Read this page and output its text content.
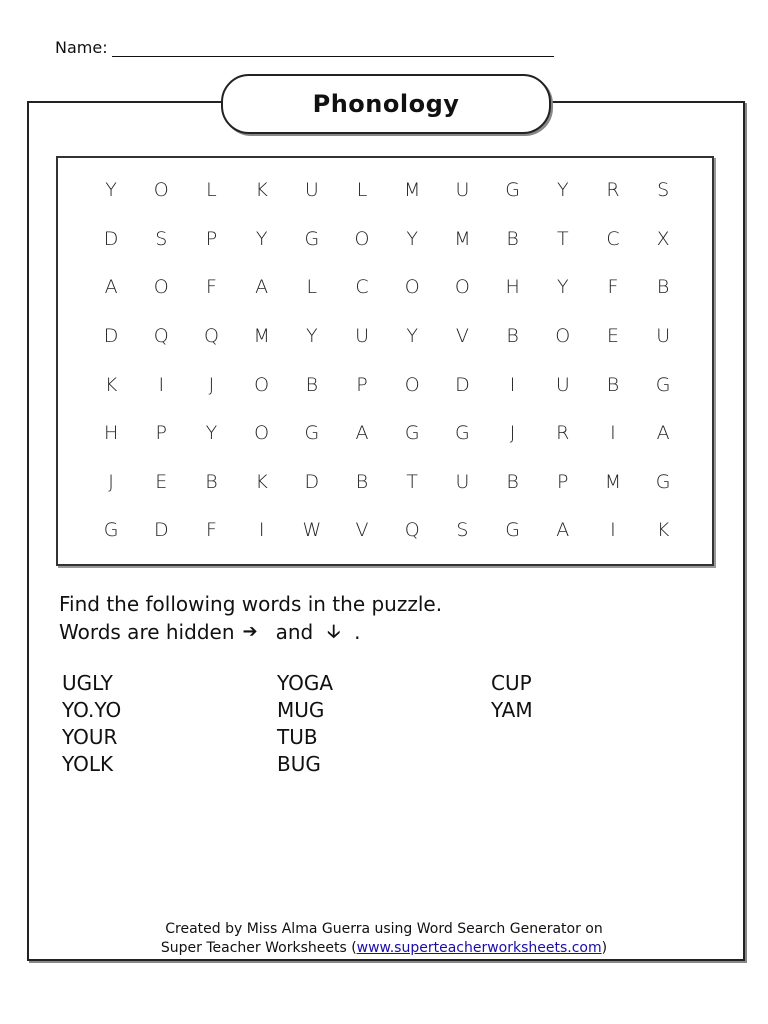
Name:
Phonology
Y	O	L	K	U	L	M	U	G	Y	R	S
D	S	P	Y	G	O	Y	M	B	T	C	X
A	O	F	A	L	C	O	O	H	Y	F	B
D	Q	Q	M	Y	U	Y	V	B	O	E	U
K	I	J	O	B	P	O	D	I	U	B	G
H	P	Y	O	G	A	G	G	J	R	I	A
J	E	B	K	D	B	T	U	B	P	M	G
G	D	F	I	W	V	Q	S	G	A	I	K
Find the following words in the puzzle.
Words are hidden ➔ and 🡣 .
UGLY
YO.YO
YOUR
YOLK
YOGA
MUG
TUB
BUG
CUP
YAM
Created by Miss Alma Guerra using Word Search Generator on
Super Teacher Worksheets (www.superteacherworksheets.com)
